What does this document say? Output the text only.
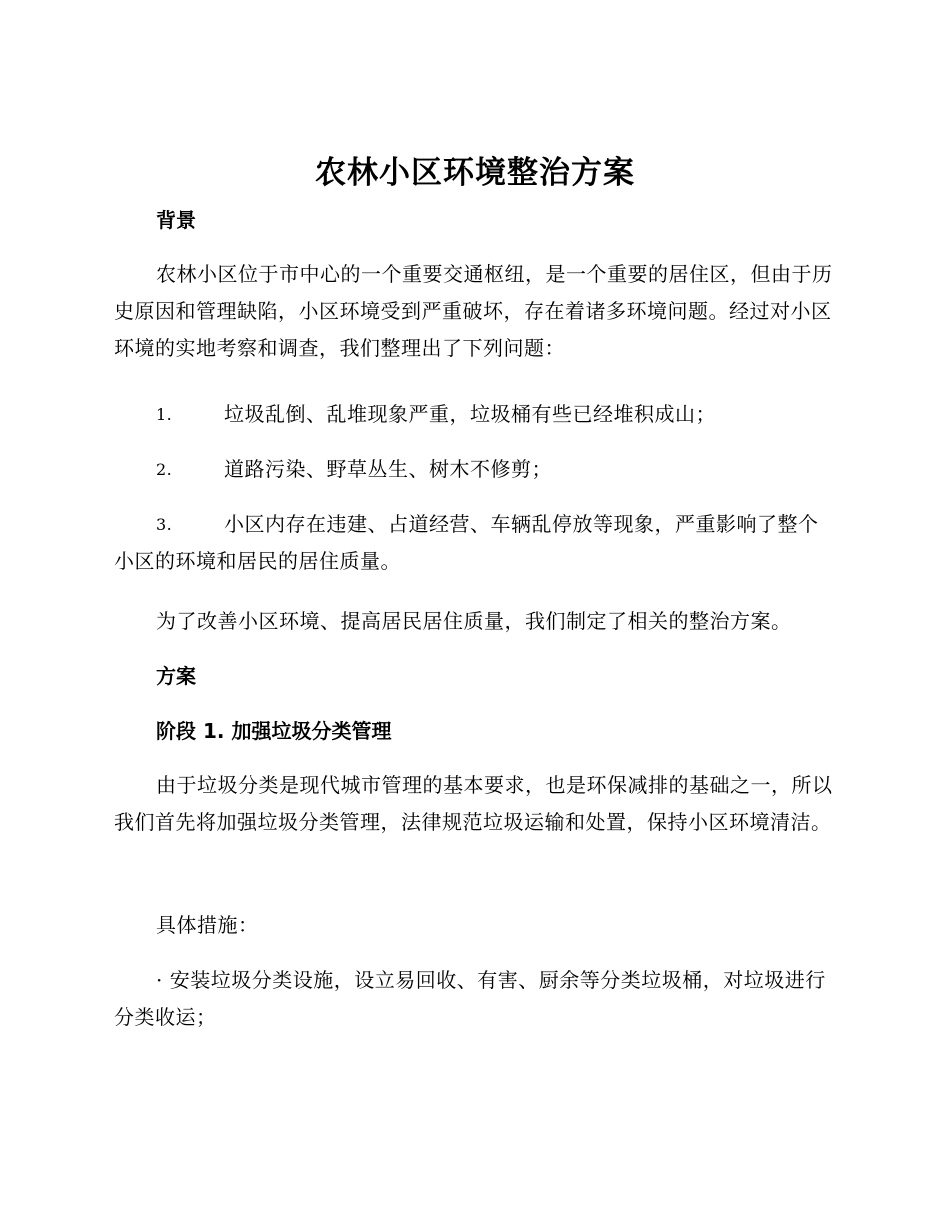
农林小区环境整治方案
背景
农林小区位于市中心的一个重要交通枢纽，是一个重要的居住区，但由于历史原因和管理缺陷，小区环境受到严重破坏，存在着诸多环境问题。经过对小区环境的实地考察和调查，我们整理出了下列问题：
1.	垃圾乱倒、乱堆现象严重，垃圾桶有些已经堆积成山；
2.	道路污染、野草丛生、树木不修剪；
3.	小区内存在违建、占道经营、车辆乱停放等现象，严重影响了整个小区的环境和居民的居住质量。
为了改善小区环境、提高居民居住质量，我们制定了相关的整治方案。
方案
阶段 1. 加强垃圾分类管理
由于垃圾分类是现代城市管理的基本要求，也是环保减排的基础之一，所以我们首先将加强垃圾分类管理，法律规范垃圾运输和处置，保持小区环境清洁。
具体措施：
· 安装垃圾分类设施，设立易回收、有害、厨余等分类垃圾桶，对垃圾进行分类收运；
